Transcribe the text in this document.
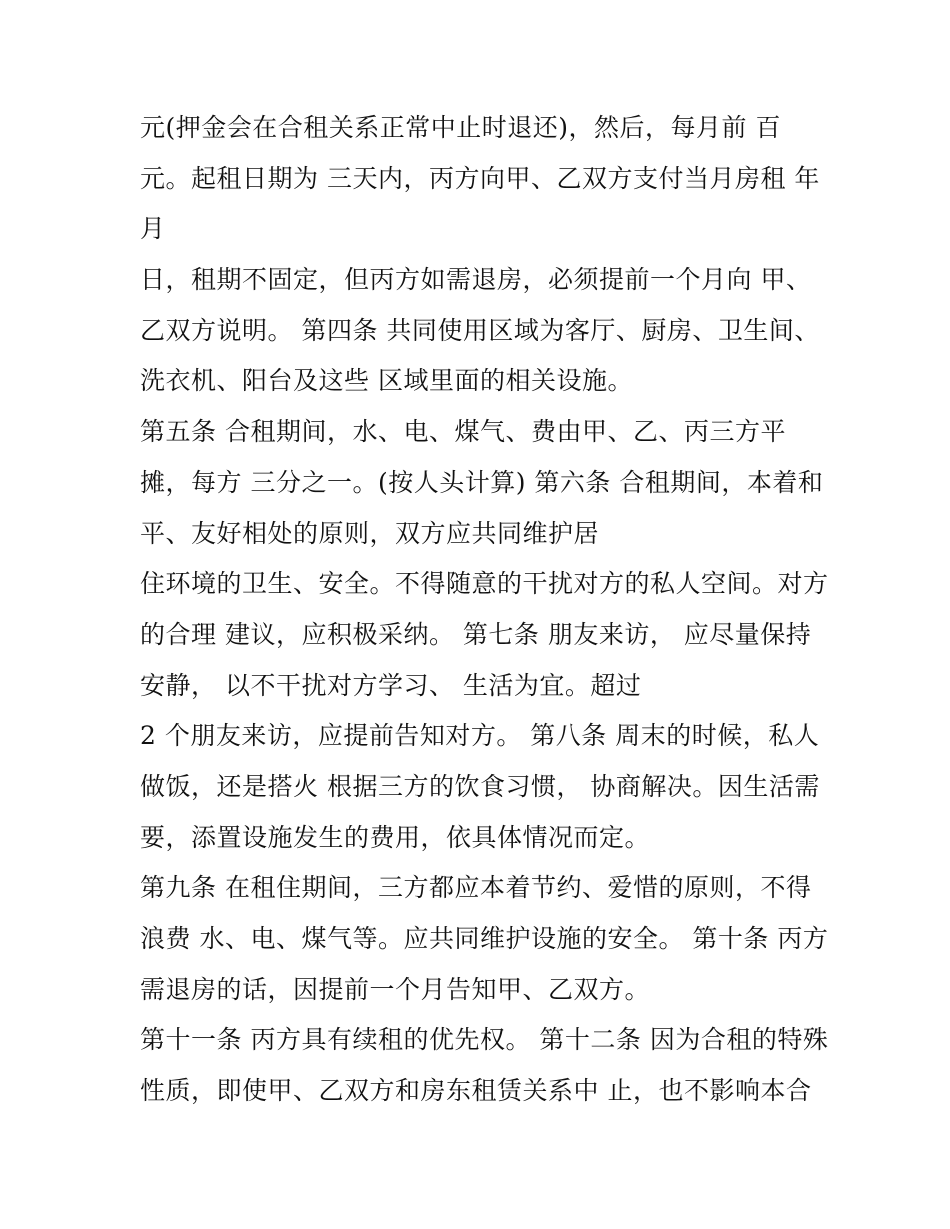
元(押金会在合租关系正常中止时退还)，然后，每月前 百
元。起租日期为 三天内，丙方向甲、乙双方支付当月房租 年
月
日，租期不固定，但丙方如需退房，必须提前一个月向 甲、
乙双方说明。 第四条 共同使用区域为客厅、厨房、卫生间、
洗衣机、阳台及这些 区域里面的相关设施。
第五条 合租期间，水、电、煤气、费由甲、乙、丙三方平
摊，每方 三分之一。(按人头计算) 第六条 合租期间，本着和
平、友好相处的原则，双方应共同维护居
住环境的卫生、安全。不得随意的干扰对方的私人空间。对方
的合理 建议，应积极采纳。 第七条 朋友来访， 应尽量保持
安静， 以不干扰对方学习、 生活为宜。超过
2 个朋友来访，应提前告知对方。 第八条 周末的时候，私人
做饭，还是搭火 根据三方的饮食习惯， 协商解决。因生活需
要，添置设施发生的费用，依具体情况而定。
第九条 在租住期间，三方都应本着节约、爱惜的原则，不得
浪费 水、电、煤气等。应共同维护设施的安全。 第十条 丙方
需退房的话，因提前一个月告知甲、乙双方。
第十一条 丙方具有续租的优先权。 第十二条 因为合租的特殊
性质，即使甲、乙双方和房东租赁关系中 止，也不影响本合
